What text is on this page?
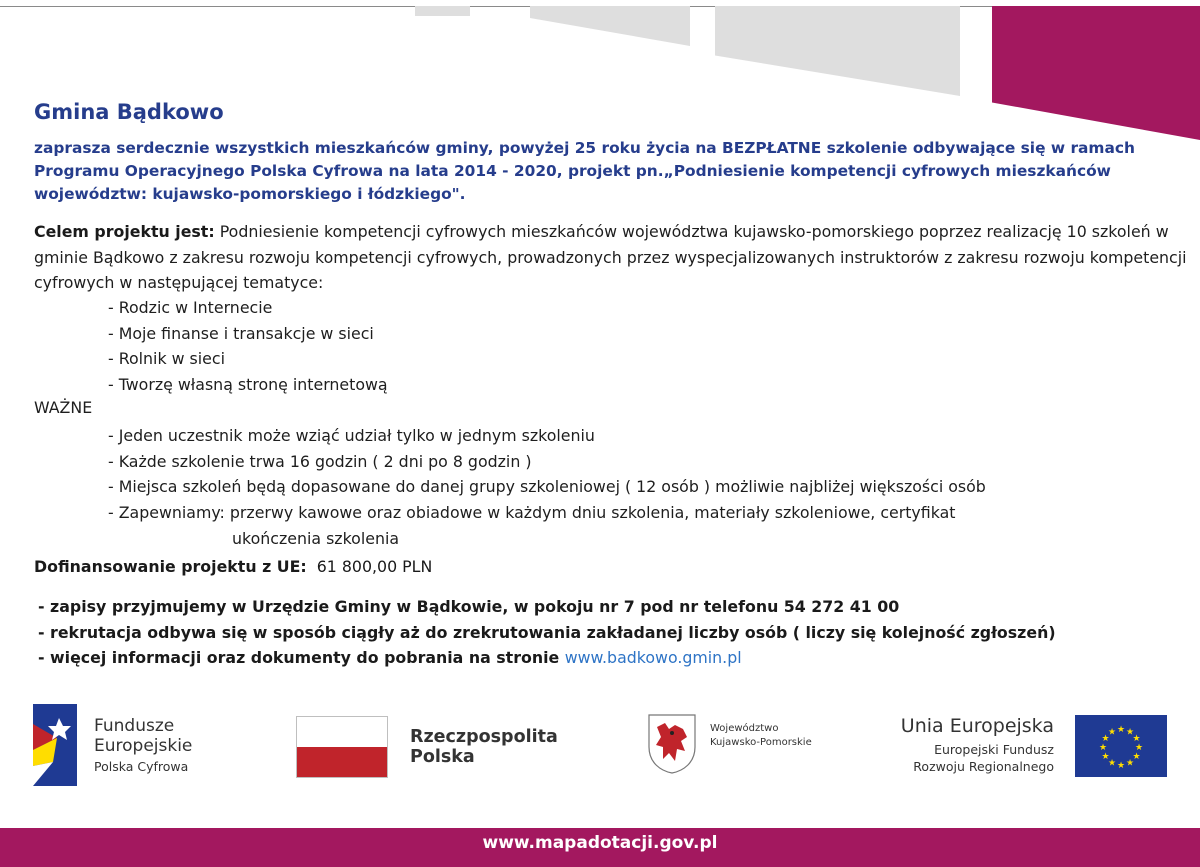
Gmina Bądkowo
zaprasza serdecznie wszystkich mieszkańców gminy, powyżej 25 roku życia na BEZPŁATNE szkolenie odbywające się w ramach Programu Operacyjnego Polska Cyfrowa na lata 2014 - 2020, projekt pn.„Podniesienie kompetencji cyfrowych mieszkańców województw: kujawsko-pomorskiego i łódzkiego".
Celem projektu jest: Podniesienie kompetencji cyfrowych mieszkańców województwa kujawsko-pomorskiego poprzez realizację 10 szkoleń w gminie Bądkowo z zakresu rozwoju kompetencji cyfrowych, prowadzonych przez wyspecjalizowanych instruktorów z zakresu rozwoju kompetencji cyfrowych w następującej tematyce:
- Rodzic w Internecie
- Moje finanse i transakcje w sieci
- Rolnik w sieci
- Tworzę własną stronę internetową
WAŻNE
- Jeden uczestnik może wziąć udział tylko w jednym szkoleniu
- Każde szkolenie trwa 16 godzin ( 2 dni po 8 godzin )
- Miejsca szkoleń będą dopasowane do danej grupy szkoleniowej ( 12 osób ) możliwie najbliżej większości osób
- Zapewniamy: przerwy kawowe oraz obiadowe w każdym dniu szkolenia, materiały szkoleniowe, certyfikat
ukończenia szkolenia
Dofinansowanie projektu z UE: 61 800,00 PLN
- zapisy przyjmujemy w Urzędzie Gminy w Bądkowie, w pokoju nr 7 pod nr telefonu 54 272 41 00
- rekrutacja odbywa się w sposób ciągły aż do zrekrutowania zakładanej liczby osób ( liczy się kolejność zgłoszeń)
- więcej informacji oraz dokumenty do pobrania na stronie www.badkowo.gmin.pl
Fundusze
Europejskie
Polska Cyfrowa
Rzeczpospolita
Polska
Województwo
Kujawsko-Pomorskie
Unia Europejska
Europejski Fundusz
Rozwoju Regionalnego
★ ★
★
★
★
★
★
★
★
★
★
★
www.mapadotacji.gov.pl
